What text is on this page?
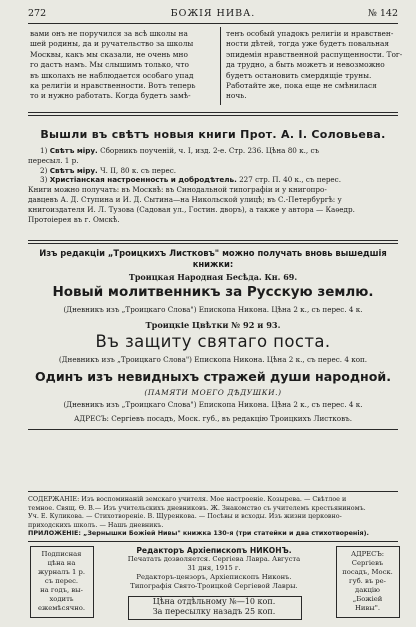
272	БОЖІЯ НИВА.	№ 142
вами онъ не поручился за всѣ школы на
шей родины, да и ручательство за школы
Москвы, какъ мы сказали, не очень мно
го дастъ намъ. Мы слышимъ только, что
въ школахъ не наблюдается особаго упад
ка религіи и нравственности. Вотъ теперь
то и нужно работать. Когда будетъ замѣ-
тенъ особый упадокъ религіи и нравствен-
ности дѣтей, тогда уже будетъ повальная
эпидемія нравственной распущенности. Тог-
да трудно, а быть можетъ и невозможно
будетъ остановить смердящіе труны.
Работайте же, пока еще не смѣнилася
ночь.
Вышли въ свѣтъ новыя книги Прот. А. І. Соловьева.
1) Свѣтъ міру. Сборникъ поученій, ч. I, изд. 2-е. Стр. 236. Цѣна 80 к., съ
пересыл. 1 р.
2) Свѣтъ міру. Ч. II, 80 к. съ перес.
3) Христіанская настроенность и добродѣтель. 227 стр. П. 40 к., съ перес.
Книги можно получать: въ Москвѣ: въ Синодальной типографіи и у книгопро-
давцевъ А. Д. Ступина и И. Д. Сытина—на Никольской улицѣ; въ С.-Петербургѣ: у
книгоиздателя И. Л. Тузова (Садовая ул., Гостин. дворъ), а также у автора — Каѳедр.
Протоіерея въ г. Омскѣ.
Изъ редакціи „Троицкихъ Листковъ" можно получать вновь вышедшія
книжки:
Троицкая Народная Бесѣда. Кн. 69.
Новый молитвенникъ за Русскую землю.
(Дневникъ изъ „Троицкаго Слова") Епископа Никона. Цѣна 2 к., съ перес. 4 к.
Троицкіе Цвѣтки № 92 и 93.
Въ защиту святаго поста.
(Дневникъ изъ „Троицкаго Слова") Епископа Никона. Цѣна 2 к., съ перес. 4 коп.
Одинъ изъ невидныхъ стражей души народной.
(ПАМЯТИ МОЕГО ДѢДУШКИ.)
(Дневникъ изъ „Троицкаго Слова") Епископа Никона. Цѣна 2 к., съ перес. 4 к.
АДРЕСЪ: Сергіевъ посадъ, Моск. губ., въ редакцію Троицкихъ Листковъ.
СОДЕРЖАНІЕ: Изъ воспоминаній земскаго учителя. Мое настроеніе. Козырева. — Свѣтлое и
темное. Свящ. Ѳ. В.— Изъ учительскихъ дневниковъ. Ж. Знакомство съ учителемъ крестьяниномъ.
Уч. Е. Куликова. — Стихотвореніе. В. Щуренкова. — Посѣвы и всходы. Изъ жизни церковно-
приходскихъ школъ. — Нашъ дневникъ.
ПРИЛОЖЕНІЕ: „Зернышки Божіей Нивы" книжка 130-я (три статейки и два стихотворенія).
Подписная
цѣна на
журналъ 1 р.
съ перес.
на годъ, вы-
ходить
ежемѣсячно.
Редакторъ Архіепископъ НИКОНЪ.
Печатать дозволяется. Сергіева Лавра. Августа
31 дня, 1915 г.
Редакторъ-цензоръ, Архіепископъ Никонъ.
Типографія Свято-Троицкой Сергіевой Лавры.
Цѣна отдѣльному №—10 коп.
За пересылку назадъ 25 коп.
АДРЕСЪ:
Сергіевъ
посадъ, Моск.
губ. въ ре-
дакцію
„Божіей
Нивы".
